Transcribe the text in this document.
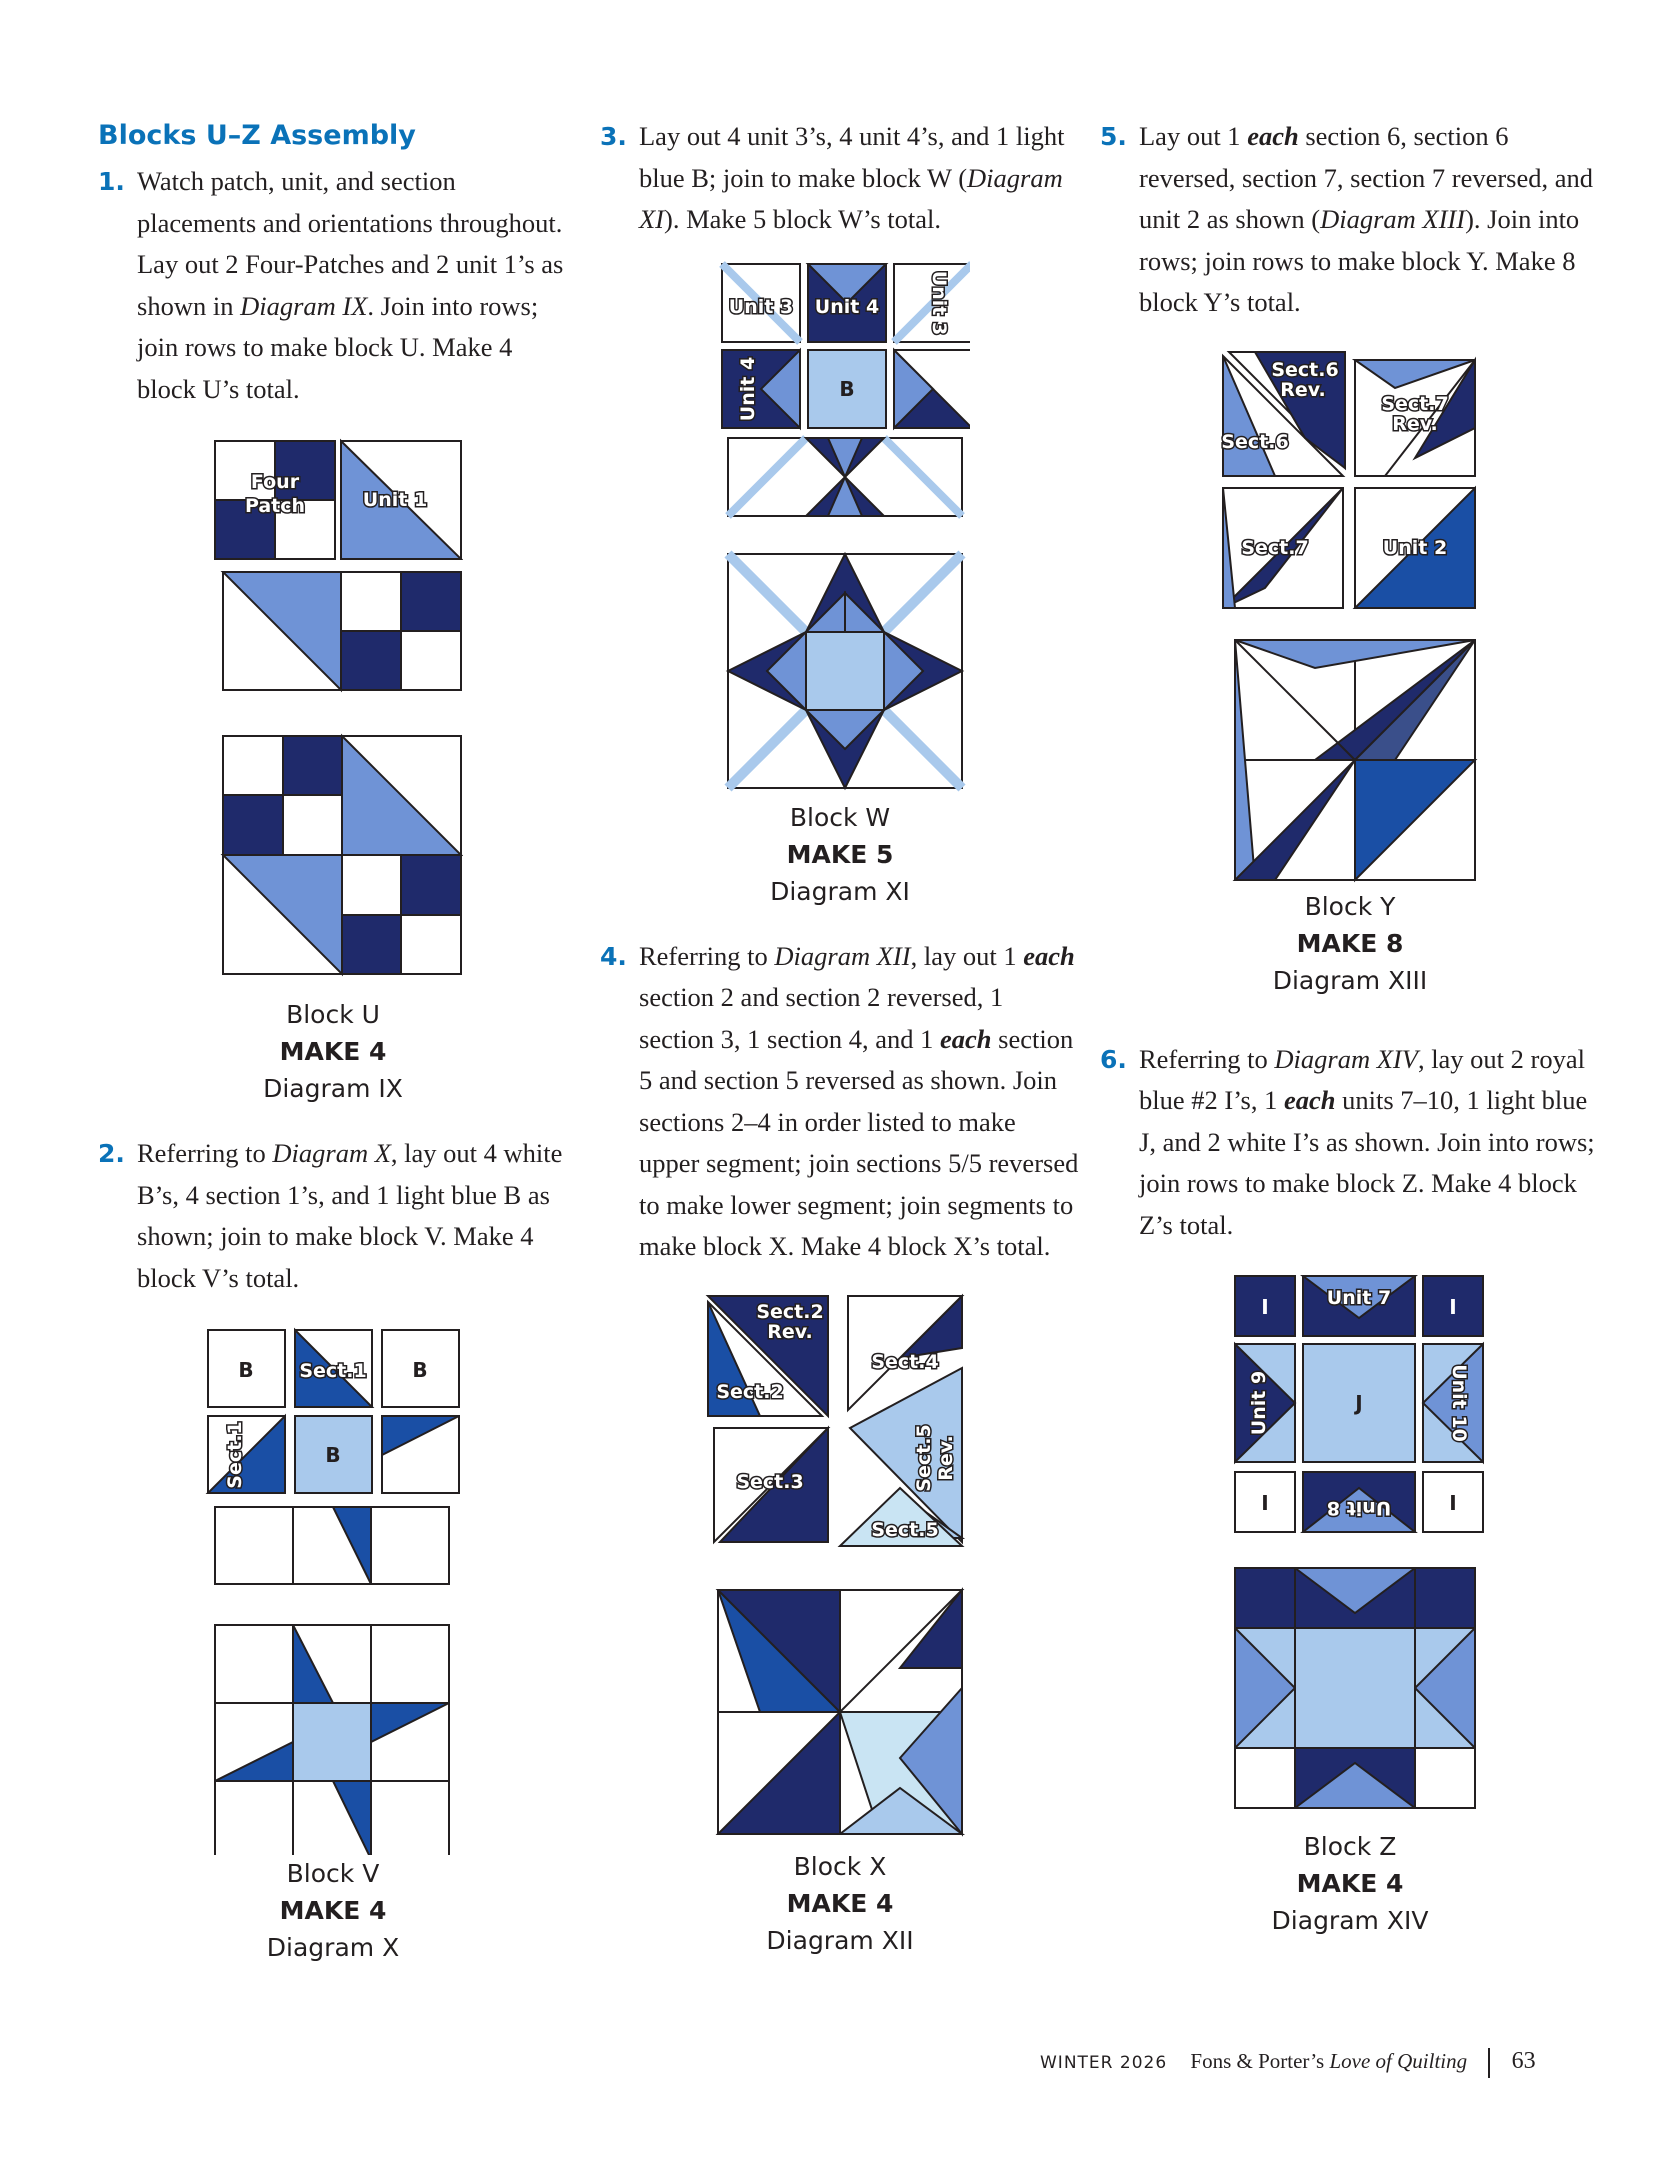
Blocks U–Z Assembly
1. Watch patch, unit, and section placements and orientations throughout. Lay out 2 Four-Patches and 2 unit 1’s as shown in Diagram IX. Join into rows; join rows to make block U. Make 4 block U’s total.
Four
Patch	Unit 1
Block U
MAKE 4
Diagram IX
2. Referring to Diagram X, lay out 4 white B’s, 4 section 1’s, and 1 light blue B as shown; join to make block V. Make 4 block V’s total.
B Sect.1 B
Sect.1	B
Block V
MAKE 4
Diagram X
3. Lay out 4 unit 3’s, 4 unit 4’s, and 1 light blue B; join to make block W (Diagram XI). Make 5 block W’s total.
Unit 3 Unit 4	Unit 3
Unit 4	B
Block W
MAKE 5
Diagram XI
4. Referring to Diagram XII, lay out 1 each section 2 and section 2 reversed, 1 section 3, 1 section 4, and 1 each section 5 and section 5 reversed as shown. Join sections 2–4 in order listed to make upper segment; join sections 5/5 reversed to make lower segment; join segments to make block X. Make 4 block X’s total.
Sect.2
Rev.
Sect.2
Sect.4
Sect.3
Sect.5
Sect.5 Rev.
Block X
MAKE 4
Diagram XII
5. Lay out 1 each section 6, section 6 reversed, section 7, section 7 reversed, and unit 2 as shown (Diagram XIII). Join into rows; join rows to make block Y. Make 8 block Y’s total.
Sect.6
Rev.
Sect.6
Sect.7
Rev.
Sect.7	Unit 2
Block Y
MAKE 8
Diagram XIII
6. Referring to Diagram XIV, lay out 2 royal blue #2 I’s, 1 each units 7–10, 1 light blue J, and 2 white I’s as shown. Join into rows; join rows to make block Z. Make 4 block Z’s total.
I	Unit 7	I
Unit 9	J	Unit 10
I	Unit 8	I
Block Z
MAKE 4
Diagram XIV
WINTER 2026 Fons & Porter’s Love of Quilting 63
